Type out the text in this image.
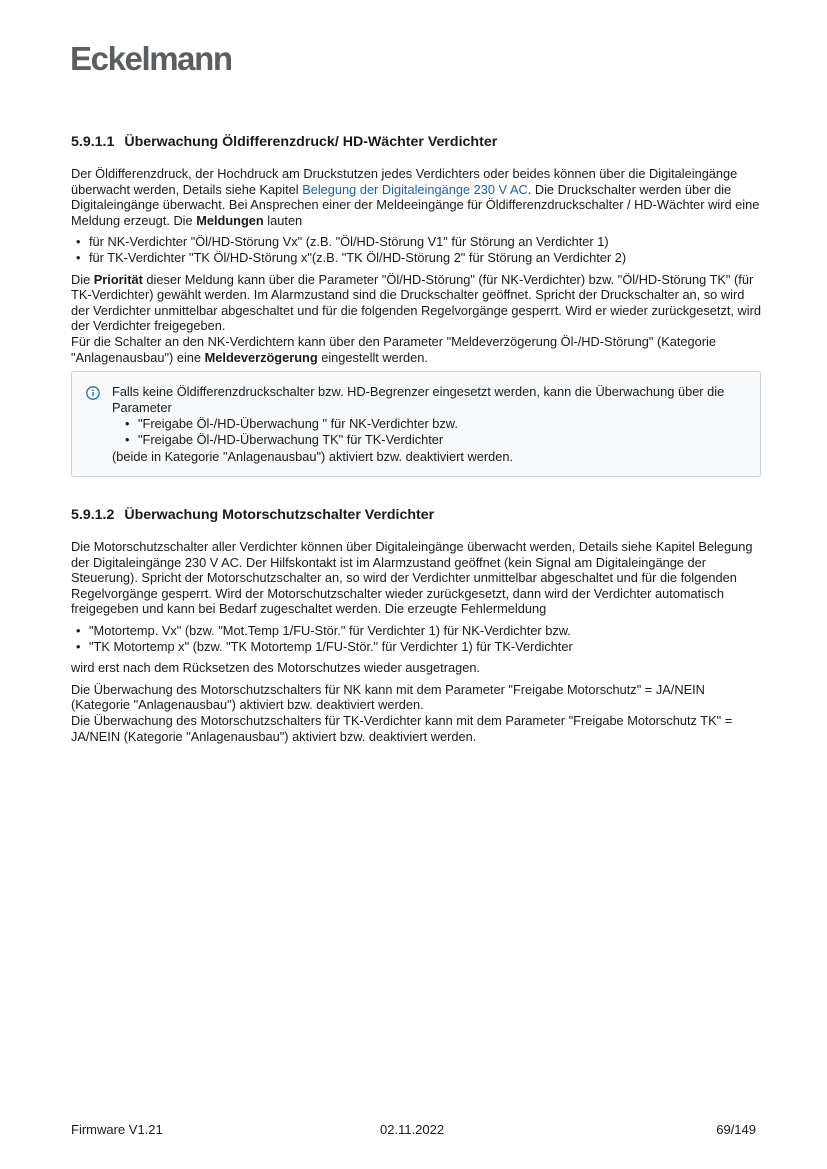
Eckelmann
5.9.1.1 Überwachung Öldifferenzdruck/ HD-Wächter Verdichter

Der Öldifferenzdruck, der Hochdruck am Druckstutzen jedes Verdichters oder beides können über die Digitaleingänge überwacht werden, Details siehe Kapitel Belegung der Digitaleingänge 230 V AC. Die Druckschalter werden über die Digitaleingänge überwacht. Bei Ansprechen einer der Meldeeingänge für Öldifferenzdruckschalter / HD-Wächter wird eine Meldung erzeugt. Die Meldungen lauten

• für NK-Verdichter "Öl/HD-Störung Vx" (z.B. "Öl/HD-Störung V1" für Störung an Verdichter 1)
• für TK-Verdichter "TK Öl/HD-Störung x"(z.B. "TK Öl/HD-Störung 2" für Störung an Verdichter 2)

Die Priorität dieser Meldung kann über die Parameter "Öl/HD-Störung" (für NK-Verdichter) bzw. "Öl/HD-Störung TK" (für TK-Verdichter) gewählt werden. Im Alarmzustand sind die Druckschalter geöffnet. Spricht der Druckschalter an, so wird der Verdichter unmittelbar abgeschaltet und für die folgenden Regelvorgänge gesperrt. Wird er wieder zurückgesetzt, wird der Verdichter freigegeben.

Für die Schalter an den NK-Verdichtern kann über den Parameter "Meldeverzögerung Öl-/HD-Störung" (Kategorie "Anlagenausbau") eine Meldeverzögerung eingestellt werden.

Falls keine Öldifferenzdruckschalter bzw. HD-Begrenzer eingesetzt werden, kann die Überwachung über die Parameter

• "Freigabe Öl-/HD-Überwachung " für NK-Verdichter bzw.
• "Freigabe Öl-/HD-Überwachung TK" für TK-Verdichter

(beide in Kategorie "Anlagenausbau") aktiviert bzw. deaktiviert werden.

5.9.1.2 Überwachung Motorschutzschalter Verdichter

Die Motorschutzschalter aller Verdichter können über Digitaleingänge überwacht werden, Details siehe Kapitel Belegung der Digitaleingänge 230 V AC. Der Hilfskontakt ist im Alarmzustand geöffnet (kein Signal am Digitaleingänge der Steuerung). Spricht der Motorschutzschalter an, so wird der Verdichter unmittelbar abgeschaltet und für die folgenden Regelvorgänge gesperrt. Wird der Motorschutzschalter wieder zurückgesetzt, dann wird der Verdichter automatisch freigegeben und kann bei Bedarf zugeschaltet werden. Die erzeugte Fehlermeldung

• "Motortemp. Vx" (bzw. "Mot.Temp 1/FU-Stör." für Verdichter 1) für NK-Verdichter bzw.
• "TK Motortemp x" (bzw. "TK Motortemp 1/FU-Stör." für Verdichter 1) für TK-Verdichter

wird erst nach dem Rücksetzen des Motorschutzes wieder ausgetragen.

Die Überwachung des Motorschutzschalters für NK kann mit dem Parameter "Freigabe Motorschutz" = JA/NEIN (Kategorie "Anlagenausbau") aktiviert bzw. deaktiviert werden.

Die Überwachung des Motorschutzschalters für TK-Verdichter kann mit dem Parameter "Freigabe Motorschutz TK" = JA/NEIN (Kategorie "Anlagenausbau") aktiviert bzw. deaktiviert werden.

Firmware V1.21	02.11.2022	69/149
